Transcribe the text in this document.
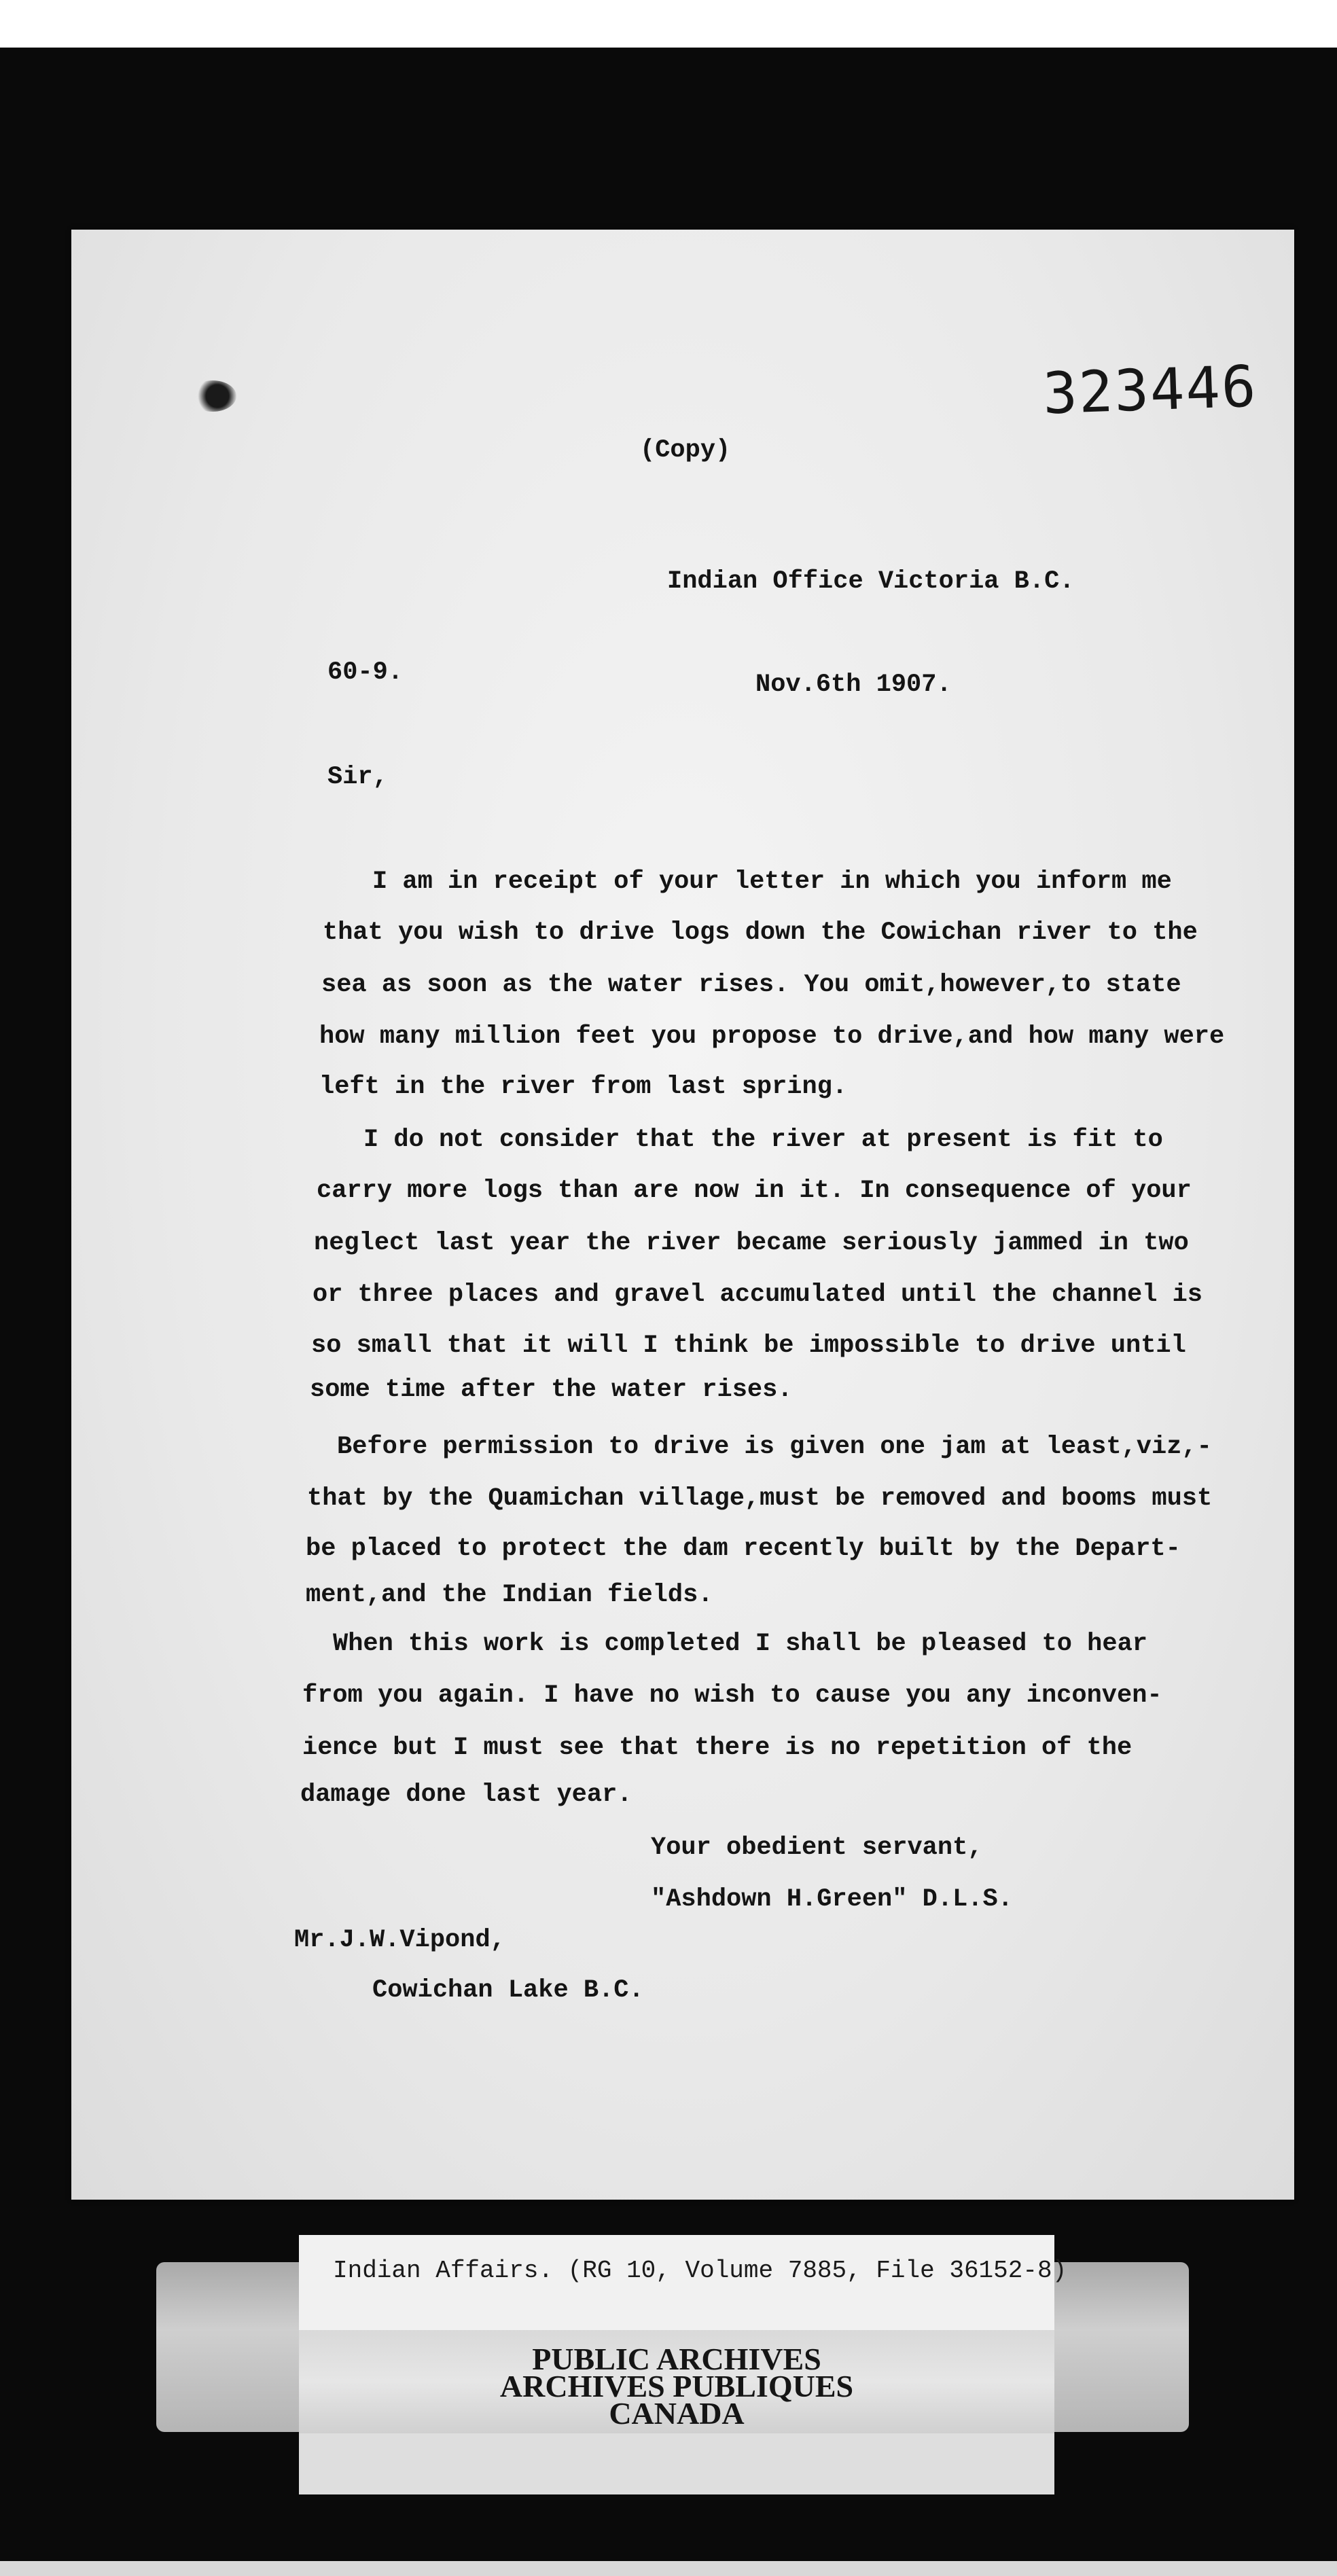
323446
(Copy)
Indian Office Victoria B.C.
60-9.	Nov.6th 1907.
Sir,
I am in receipt of your letter in which you inform me
that you wish to drive logs down the Cowichan river to the
sea as soon as the water rises. You omit,however,to state
how many million feet you propose to drive,and how many were
left in the river from last spring.
I do not consider that the river at present is fit to
carry more logs than are now in it. In consequence of your
neglect last year the river became seriously jammed in two
or three places and gravel accumulated until the channel is
so small that it will I think be impossible to drive until
some time after the water rises.
Before permission to drive is given one jam at least,viz,-
that by the Quamichan village,must be removed and booms must
be placed to protect the dam recently built by the Depart-
ment,and the Indian fields.
When this work is completed I shall be pleased to hear
from you again. I have no wish to cause you any inconven-
ience but I must see that there is no repetition of the
damage done last year.
Your obedient servant,
"Ashdown H.Green" D.L.S.
Mr.J.W.Vipond,
Cowichan Lake B.C.
Indian Affairs. (RG 10, Volume 7885, File 36152-8)
PUBLIC ARCHIVES
ARCHIVES PUBLIQUES
CANADA
